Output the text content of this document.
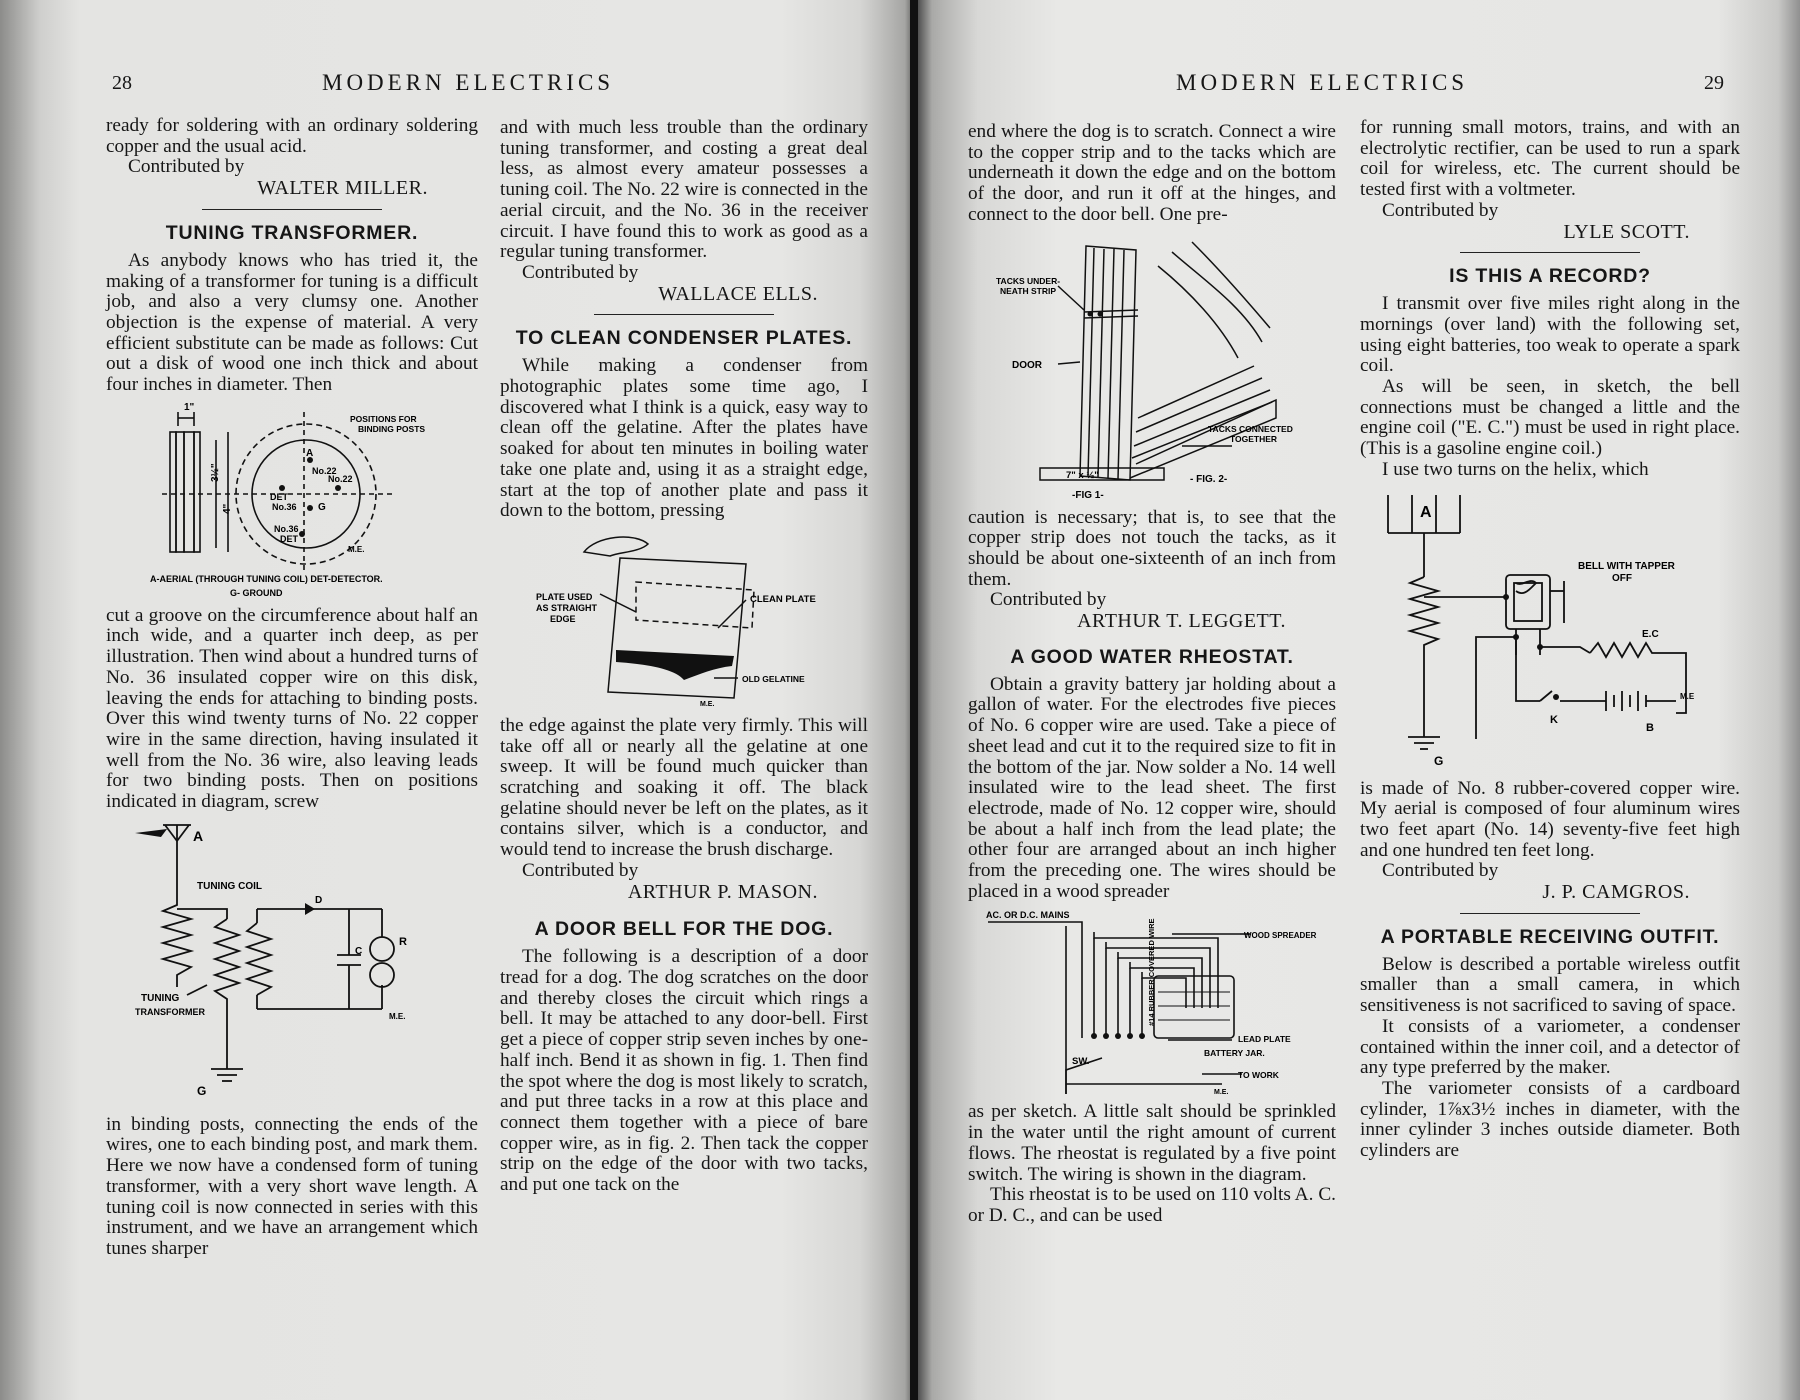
28	MODERN ELECTRICS

ready for soldering with an ordinary soldering copper and the usual acid.

Contributed by

WALTER MILLER.

TUNING TRANSFORMER.

As anybody knows who has tried it, the making of a transformer for tuning is a difficult job, and also a very clumsy one. Another objection is the expense of material. A very efficient substitute can be made as follows: Cut out a disk of wood one inch thick and about four inches in diameter. Then

1"
3½"
4"
POSITIONS FOR
BINDING POSTS
A
No.22
DET
No.22
No.36 G
No.36
DET
M.E.
A-AERIAL (THROUGH TUNING COIL) DET-DETECTOR.
G- GROUND

cut a groove on the circumference about half an inch wide, and a quarter inch deep, as per illustration. Then wind about a hundred turns of No. 36 insulated copper wire on this disk, leaving the ends for attaching to binding posts. Over this wind twenty turns of No. 22 copper wire in the same direction, having insulated it well from the No. 36 wire, also leaving leads for two binding posts. Then on positions indicated in diagram, screw

A
TUNING COIL
D
C
R
TUNING
TRANSFORMER
G
M.E.

in binding posts, connecting the ends of the wires, one to each binding post, and mark them. Here we now have a condensed form of tuning transformer, with a very short wave length. A tuning coil is now connected in series with this instrument, and we have an arrangement which tunes sharper

and with much less trouble than the ordinary tuning transformer, and costing a great deal less, as almost every amateur possesses a tuning coil. The No. 22 wire is connected in the aerial circuit, and the No. 36 in the receiver circuit. I have found this to work as good as a regular tuning transformer.

Contributed by

WALLACE ELLS.

TO CLEAN CONDENSER PLATES.

While making a condenser from photographic plates some time ago, I discovered what I think is a quick, easy way to clean off the gelatine. After the plates have soaked for about ten minutes in boiling water take one plate and, using it as a straight edge, start at the top of another plate and pass it down to the bottom, pressing

PLATE USED
AS STRAIGHT
EDGE
CLEAN PLATE
OLD GELATINE
M.E.

the edge against the plate very firmly. This will take off all or nearly all the gelatine at one sweep. It will be found much quicker than scratching and soaking it off. The black gelatine should never be left on the plates, as it contains silver, which is a conductor, and would tend to increase the brush discharge.

Contributed by

ARTHUR P. MASON.

A DOOR BELL FOR THE DOG.

The following is a description of a door tread for a dog. The dog scratches on the door and thereby closes the circuit which rings a bell. It may be attached to any door-bell. First get a piece of copper strip seven inches by one-half inch. Bend it as shown in fig. 1. Then find the spot where the dog is most likely to scratch, and put three tacks in a row at this place and connect them together with a piece of bare copper wire, as in fig. 2. Then tack the copper strip on the edge of the door with two tacks, and put one tack on the

MODERN ELECTRICS	29

end where the dog is to scratch. Connect a wire to the copper strip and to the tacks which are underneath it down the edge and on the bottom of the door, and run it off at the hinges, and connect to the door bell. One pre-

TACKS UNDER-
NEATH STRIP
DOOR
TACKS CONNECTED
TOGETHER
7" x ½"
-FIG 1-
- FIG. 2-

caution is necessary; that is, to see that the copper strip does not touch the tacks, as it should be about one-sixteenth of an inch from them.

Contributed by

ARTHUR T. LEGGETT.

A GOOD WATER RHEOSTAT.

Obtain a gravity battery jar holding about a gallon of water. For the electrodes five pieces of No. 6 copper wire are used. Take a piece of sheet lead and cut it to the required size to fit in the bottom of the jar. Now solder a No. 14 well insulated wire to the lead sheet. The first electrode, made of No. 12 copper wire, should be about a half inch from the lead plate; the other four are arranged about an inch higher from the preceding one. The wires should be placed in a wood spreader

AC. OR D.C. MAINS
WOOD SPREADER
#14 RUBBER COVERED WIRE
LEAD PLATE
BATTERY JAR.
SW.
TO WORK
M.E.

as per sketch. A little salt should be sprinkled in the water until the right amount of current flows. The rheostat is regulated by a five point switch. The wiring is shown in the diagram.

This rheostat is to be used on 110 volts A. C. or D. C., and can be used

for running small motors, trains, and with an electrolytic rectifier, can be used to run a spark coil for wireless, etc. The current should be tested first with a voltmeter.

Contributed by

LYLE SCOTT.

IS THIS A RECORD?

I transmit over five miles right along in the mornings (over land) with the following set, using eight batteries, too weak to operate a spark coil.

As will be seen, in sketch, the bell connections must be changed a little and the engine coil ("E. C.") must be used in right place. (This is a gasoline engine coil.)

I use two turns on the helix, which

A
BELL WITH TAPPER
OFF
E.C
K
B
G
M.E

is made of No. 8 rubber-covered copper wire. My aerial is composed of four aluminum wires two feet apart (No. 14) seventy-five feet high and one hundred ten feet long.

Contributed by

J. P. CAMGROS.

A PORTABLE RECEIVING OUTFIT.

Below is described a portable wireless outfit smaller than a small camera, in which sensitiveness is not sacrificed to saving of space.

It consists of a variometer, a condenser contained within the inner coil, and a detector of any type preferred by the maker.

The variometer consists of a cardboard cylinder, 1⅞x3½ inches in diameter, with the inner cylinder 3 inches outside diameter. Both cylinders are
